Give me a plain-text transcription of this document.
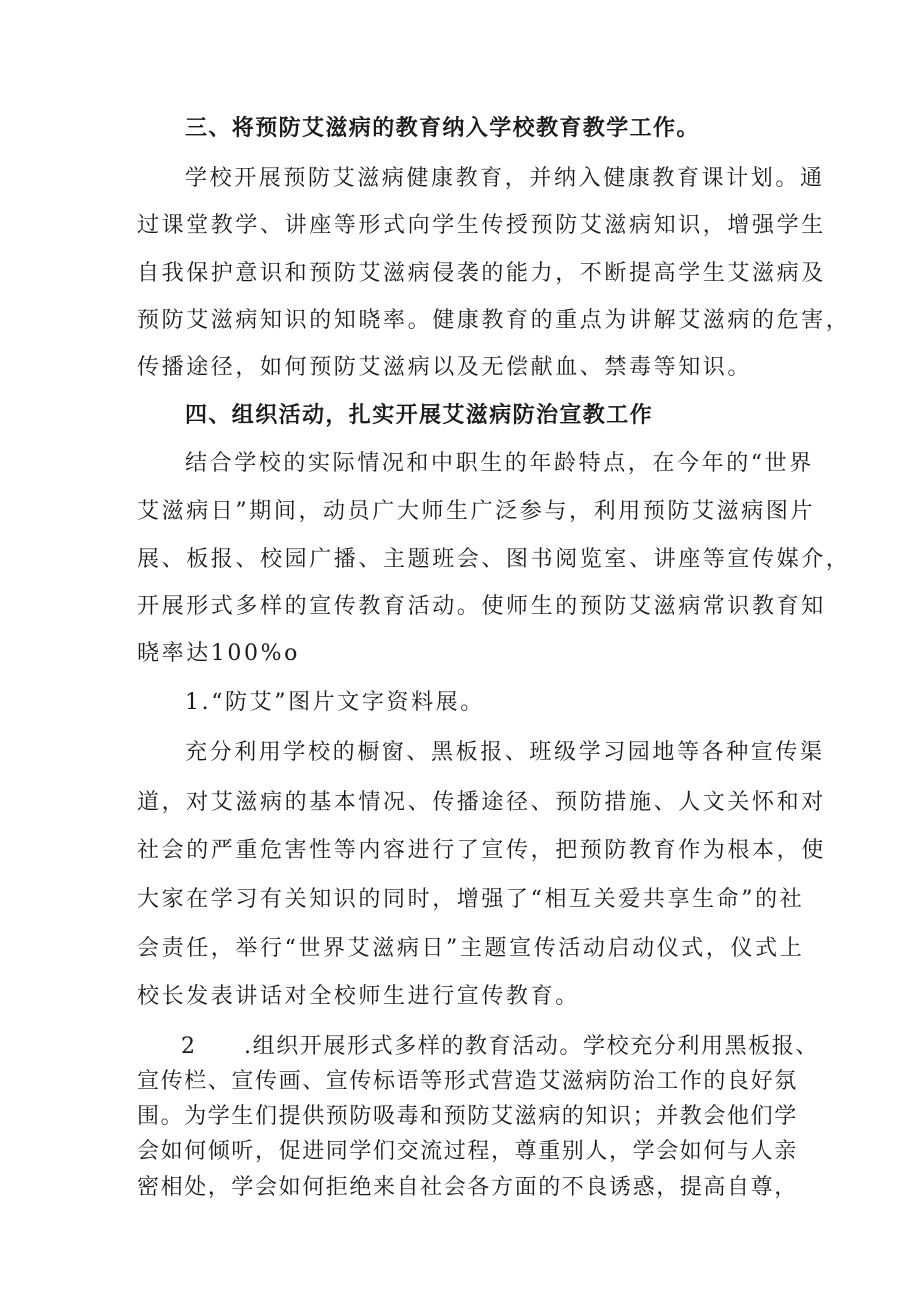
三、将预防艾滋病的教育纳入学校教育教学工作。

学校开展预防艾滋病健康教育，并纳入健康教育课计划。通

过课堂教学、讲座等形式向学生传授预防艾滋病知识，增强学生

自我保护意识和预防艾滋病侵袭的能力，不断提高学生艾滋病及

预防艾滋病知识的知晓率。健康教育的重点为讲解艾滋病的危害，

传播途径，如何预防艾滋病以及无偿献血、禁毒等知识。

四、组织活动，扎实开展艾滋病防治宣教工作

结合学校的实际情况和中职生的年龄特点，在今年的“世界

艾滋病日”期间，动员广大师生广泛参与，利用预防艾滋病图片

展、板报、校园广播、主题班会、图书阅览室、讲座等宣传媒介，

开展形式多样的宣传教育活动。使师生的预防艾滋病常识教育知

晓率达100%o

1.“防艾”图片文字资料展。

充分利用学校的橱窗、黑板报、班级学习园地等各种宣传渠

道，对艾滋病的基本情况、传播途径、预防措施、人文关怀和对

社会的严重危害性等内容进行了宣传，把预防教育作为根本，使

大家在学习有关知识的同时，增强了“相互关爱共享生命”的社

会责任，举行“世界艾滋病日”主题宣传活动启动仪式，仪式上

校长发表讲话对全校师生进行宣传教育。

2 .组织开展形式多样的教育活动。学校充分利用黑板报、

宣传栏、宣传画、宣传标语等形式营造艾滋病防治工作的良好氛

围。为学生们提供预防吸毒和预防艾滋病的知识；并教会他们学

会如何倾听，促进同学们交流过程，尊重别人，学会如何与人亲

密相处，学会如何拒绝来自社会各方面的不良诱惑，提高自尊，
